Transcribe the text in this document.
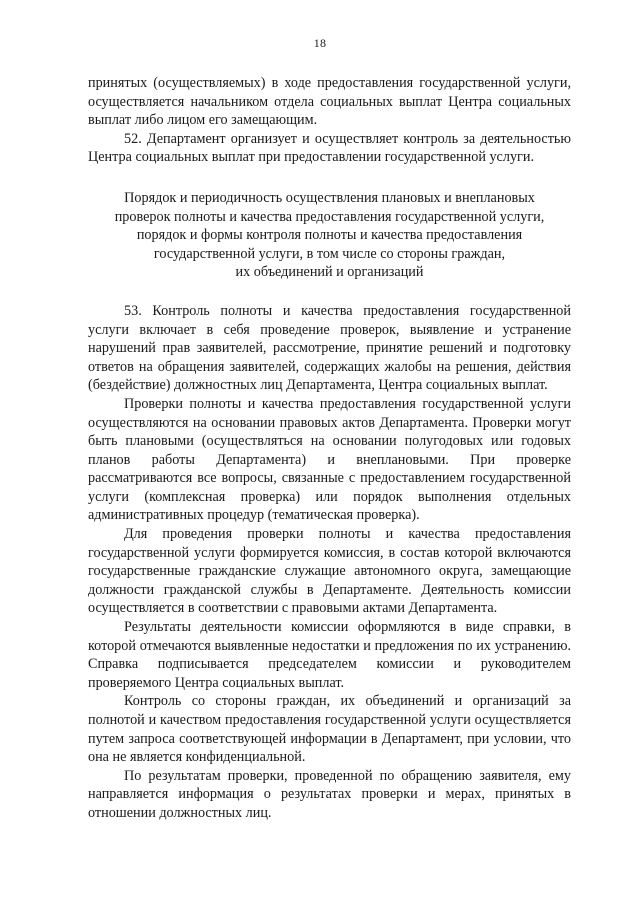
18

принятых (осуществляемых) в ходе предоставления государственной услуги, осуществляется начальником отдела социальных выплат Центра социальных выплат либо лицом его замещающим.

52. Департамент организует и осуществляет контроль за деятельностью Центра социальных выплат при предоставлении государственной услуги.

Порядок и периодичность осуществления плановых и внеплановых
проверок полноты и качества предоставления государственной услуги,
порядок и формы контроля полноты и качества предоставления
государственной услуги, в том числе со стороны граждан,
их объединений и организаций

53. Контроль полноты и качества предоставления государственной услуги включает в себя проведение проверок, выявление и устранение нарушений прав заявителей, рассмотрение, принятие решений и подготовку ответов на обращения заявителей, содержащих жалобы на решения, действия (бездействие) должностных лиц Департамента, Центра социальных выплат.

Проверки полноты и качества предоставления государственной услуги осуществляются на основании правовых актов Департамента. Проверки могут быть плановыми (осуществляться на основании полугодовых или годовых планов работы Департамента) и внеплановыми. При проверке рассматриваются все вопросы, связанные с предоставлением государственной услуги (комплексная проверка) или порядок выполнения отдельных административных процедур (тематическая проверка).

Для проведения проверки полноты и качества предоставления государственной услуги формируется комиссия, в состав которой включаются государственные гражданские служащие автономного округа, замещающие должности гражданской службы в Департаменте. Деятельность комиссии осуществляется в соответствии с правовыми актами Департамента.

Результаты деятельности комиссии оформляются в виде справки, в которой отмечаются выявленные недостатки и предложения по их устранению. Справка подписывается председателем комиссии и руководителем проверяемого Центра социальных выплат.

Контроль со стороны граждан, их объединений и организаций за полнотой и качеством предоставления государственной услуги осуществляется путем запроса соответствующей информации в Департамент, при условии, что она не является конфиденциальной.

По результатам проверки, проведенной по обращению заявителя, ему направляется информация о результатах проверки и мерах, принятых в отношении должностных лиц.
